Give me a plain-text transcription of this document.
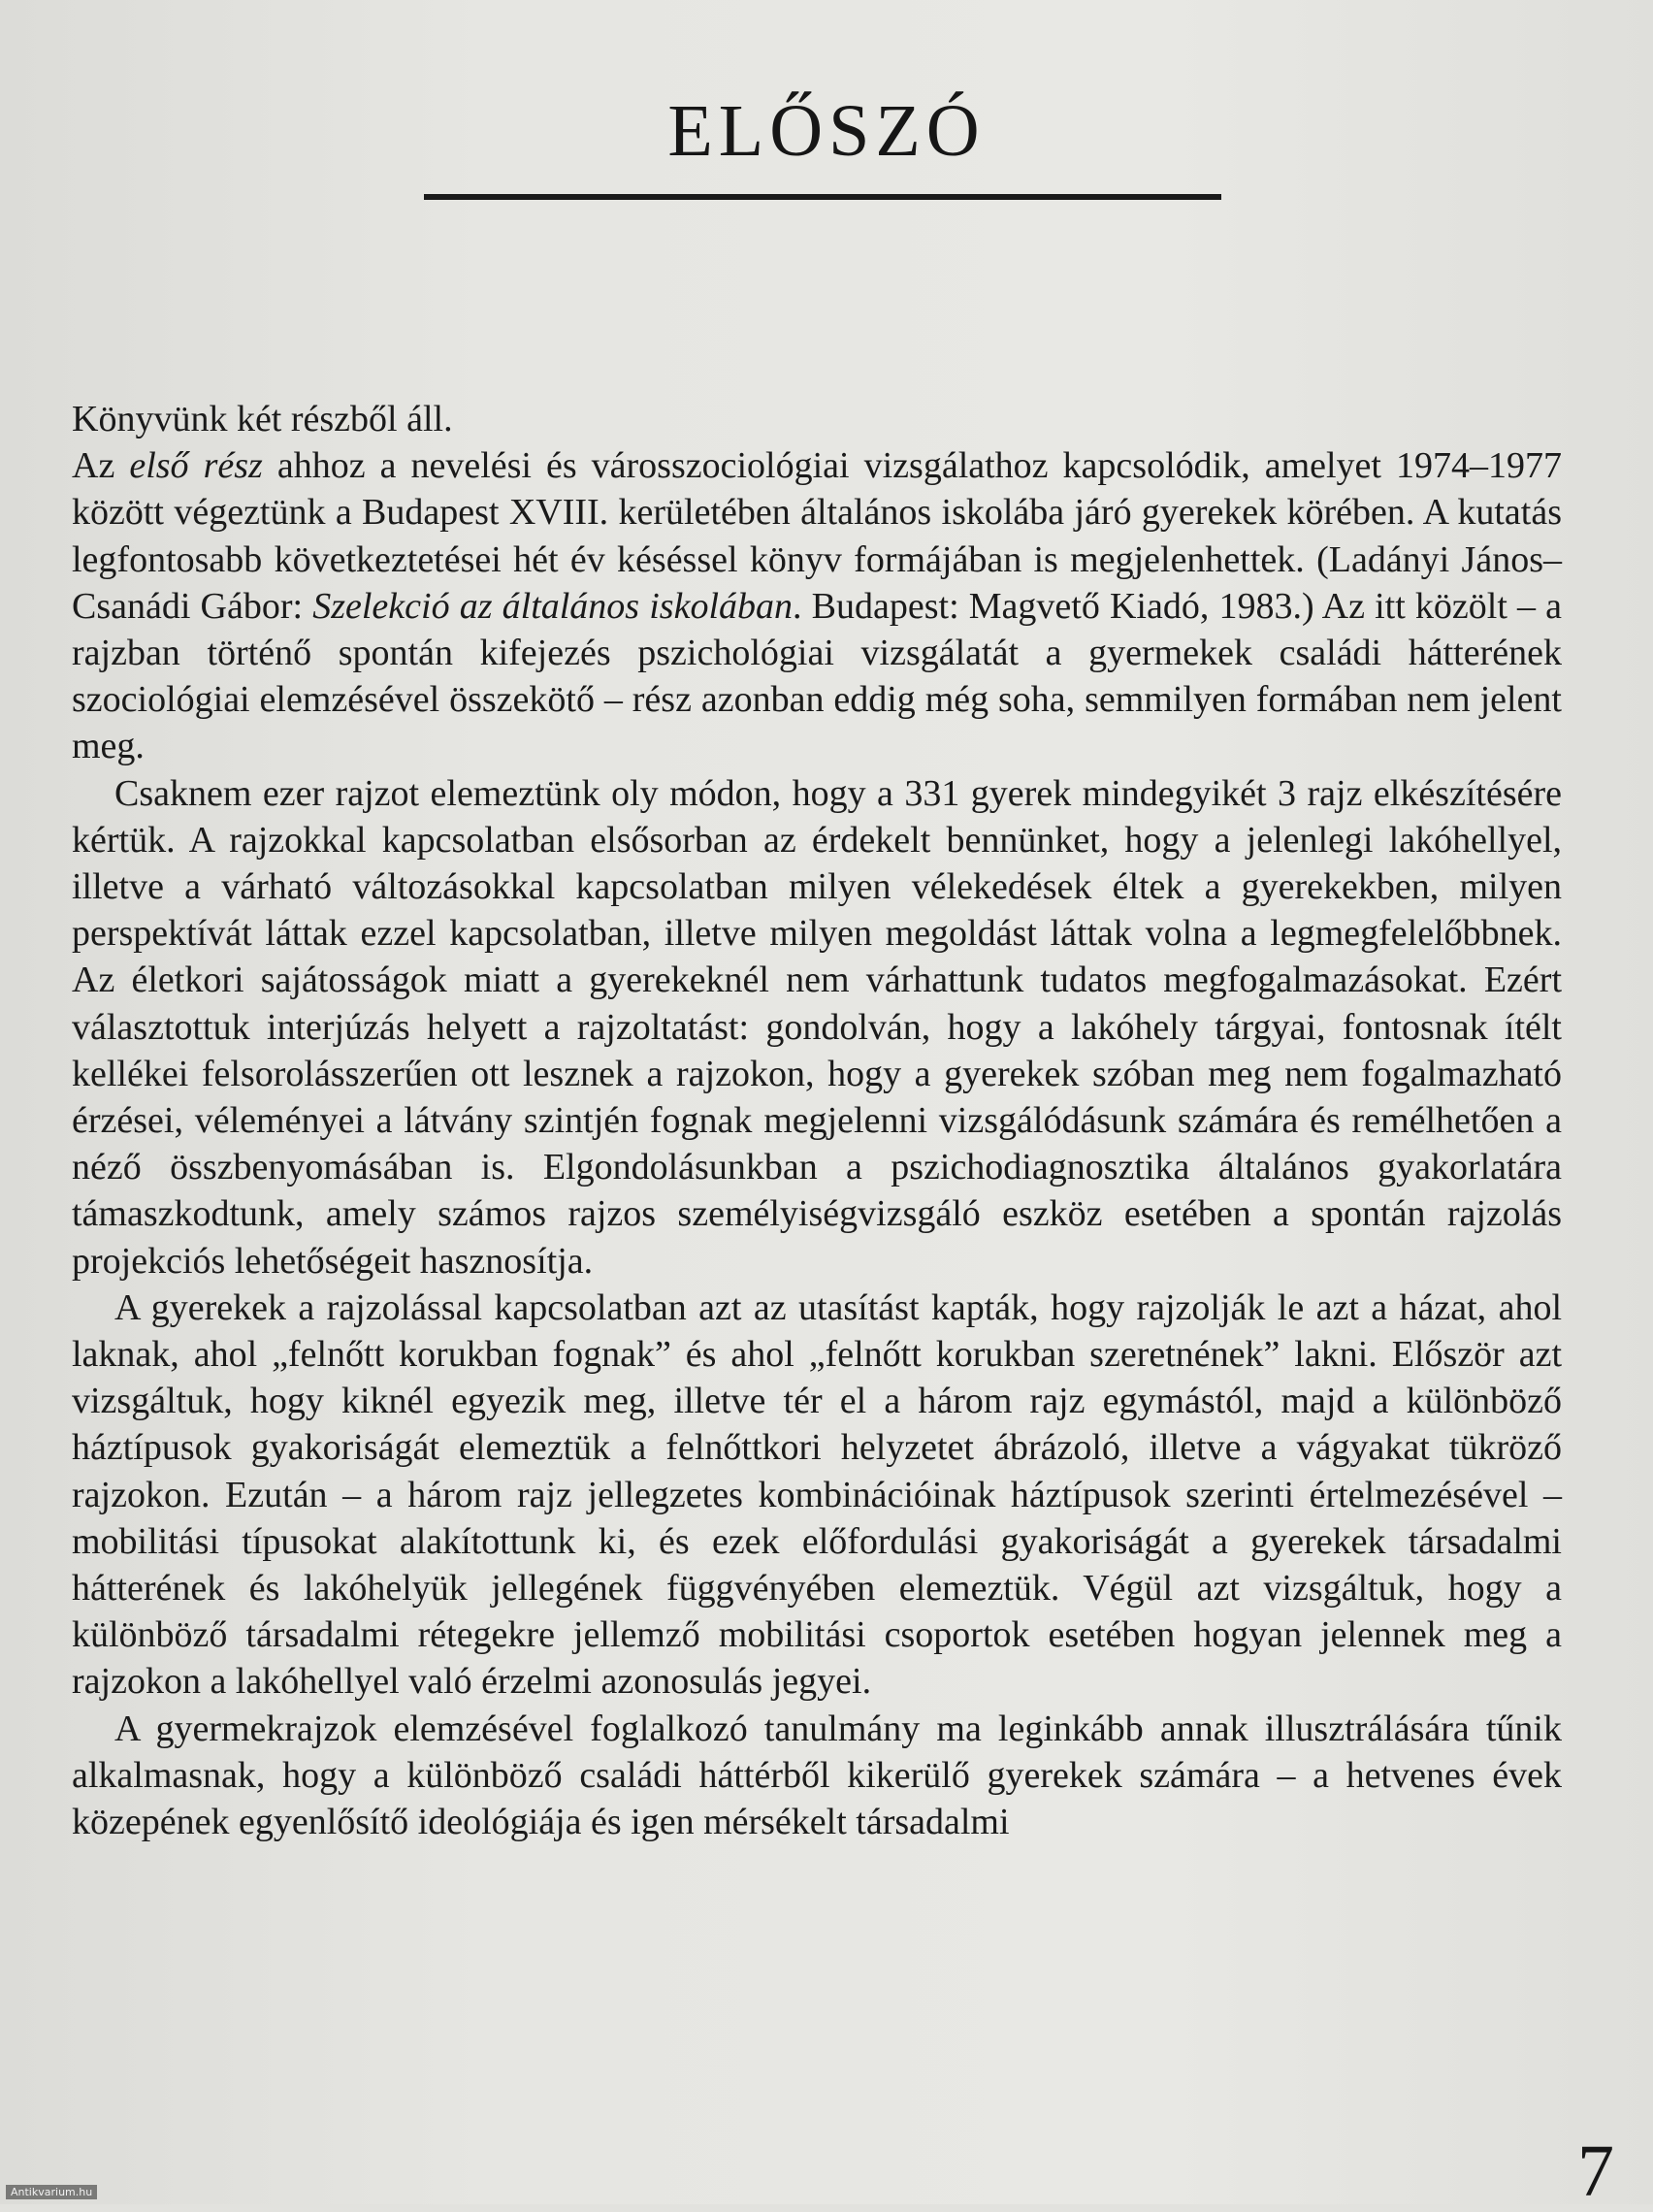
ELŐSZÓ

Könyvünk két részből áll.

Az első rész ahhoz a nevelési és városszociológiai vizsgálathoz kapcsolódik, amelyet 1974–1977 között végeztünk a Budapest XVIII. kerületében általános iskolába járó gyerekek körében. A kutatás legfontosabb következtetései hét év késéssel könyv formájában is megjelenhettek. (Ladányi János–Csanádi Gábor: Szelekció az általános iskolában. Budapest: Magvető Kiadó, 1983.) Az itt közölt – a rajzban történő spontán kifejezés pszichológiai vizsgálatát a gyermekek családi hátterének szociológiai elemzésével összekötő – rész azonban eddig még soha, semmilyen formában nem jelent meg.

Csaknem ezer rajzot elemeztünk oly módon, hogy a 331 gyerek mindegyikét 3 rajz elkészítésére kértük. A rajzokkal kapcsolatban elsősorban az érdekelt bennünket, hogy a jelenlegi lakóhellyel, illetve a várható változásokkal kapcsolatban milyen vélekedések éltek a gyerekekben, milyen perspektívát láttak ezzel kapcsolatban, illetve milyen megoldást láttak volna a legmegfelelőbbnek. Az életkori sajátosságok miatt a gyerekeknél nem várhattunk tudatos megfogalmazásokat. Ezért választottuk interjúzás helyett a rajzoltatást: gondolván, hogy a lakóhely tárgyai, fontosnak ítélt kellékei felsorolásszerűen ott lesznek a rajzokon, hogy a gyerekek szóban meg nem fogalmazható érzései, véleményei a látvány szintjén fognak megjelenni vizsgálódásunk számára és remélhetően a néző összbenyomásában is. Elgondolásunkban a pszichodiagnosztika általános gyakorlatára támaszkodtunk, amely számos rajzos személyiségvizsgáló eszköz esetében a spontán rajzolás projekciós lehetőségeit hasznosítja.

A gyerekek a rajzolással kapcsolatban azt az utasítást kapták, hogy rajzolják le azt a házat, ahol laknak, ahol „felnőtt korukban fognak” és ahol „felnőtt korukban szeretnének” lakni. Először azt vizsgáltuk, hogy kiknél egyezik meg, illetve tér el a három rajz egymástól, majd a különböző háztípusok gyakoriságát elemeztük a felnőttkori helyzetet ábrázoló, illetve a vágyakat tükröző rajzokon. Ezután – a három rajz jellegzetes kombinációinak háztípusok szerinti értelmezésével – mobilitási típusokat alakítottunk ki, és ezek előfordulási gyakoriságát a gyerekek társadalmi hátterének és lakóhelyük jellegének függvényében elemeztük. Végül azt vizsgáltuk, hogy a különböző társadalmi rétegekre jellemző mobilitási csoportok esetében hogyan jelennek meg a rajzokon a lakóhellyel való érzelmi azonosulás jegyei.

A gyermekrajzok elemzésével foglalkozó tanulmány ma leginkább annak illusztrálására tűnik alkalmasnak, hogy a különböző családi háttérből kikerülő gyerekek számára – a hetvenes évek közepének egyenlősítő ideológiája és igen mérsékelt társadalmi

7
Antikvarium.hu
